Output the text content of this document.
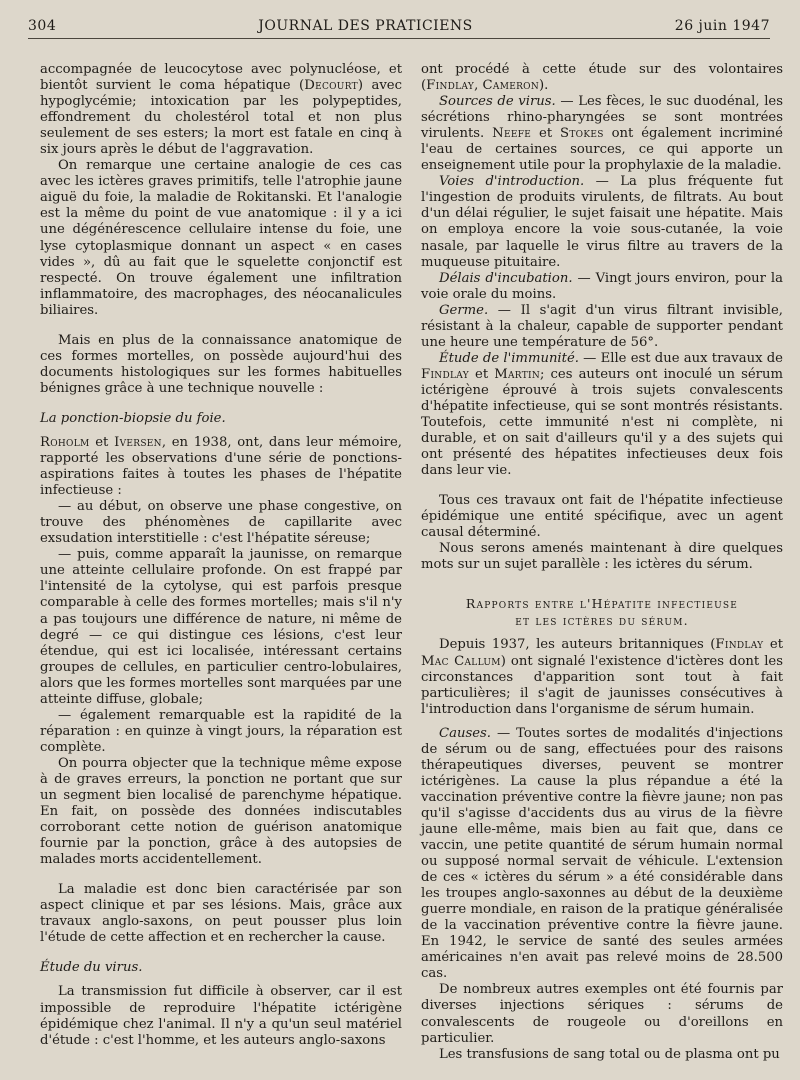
304	JOURNAL DES PRATICIENS	26 juin 1947

accompagnée de leucocytose avec polynucléose, et bientôt survient le coma hépatique (Decourt) avec hypoglycémie; intoxication par les polypeptides, effondrement du cholestérol total et non plus seulement de ses esters; la mort est fatale en cinq à six jours après le début de l'aggravation.

On remarque une certaine analogie de ces cas avec les ictères graves primitifs, telle l'atrophie jaune aiguë du foie, la maladie de Rokitanski. Et l'analogie est la même du point de vue anatomique : il y a ici une dégénérescence cellulaire intense du foie, une lyse cytoplasmique donnant un aspect « en cases vides », dû au fait que le squelette conjonctif est respecté. On trouve également une infiltration inflammatoire, des macrophages, des néocanalicules biliaires.

Mais en plus de la connaissance anatomique de ces formes mortelles, on possède aujourd'hui des documents histologiques sur les formes habituelles bénignes grâce à une technique nouvelle :

La ponction-biopsie du foie.

Roholm et Iversen, en 1938, ont, dans leur mémoire, rapporté les observations d'une série de ponctions-aspirations faites à toutes les phases de l'hépatite infectieuse :

— au début, on observe une phase congestive, on trouve des phénomènes de capillarite avec exsudation interstitielle : c'est l'hépatite séreuse;

— puis, comme apparaît la jaunisse, on remarque une atteinte cellulaire profonde. On est frappé par l'intensité de la cytolyse, qui est parfois presque comparable à celle des formes mortelles; mais s'il n'y a pas toujours une différence de nature, ni même de degré — ce qui distingue ces lésions, c'est leur étendue, qui est ici localisée, intéressant certains groupes de cellules, en particulier centro-lobulaires, alors que les formes mortelles sont marquées par une atteinte diffuse, globale;

— également remarquable est la rapidité de la réparation : en quinze à vingt jours, la réparation est complète.

On pourra objecter que la technique même expose à de graves erreurs, la ponction ne portant que sur un segment bien localisé de parenchyme hépatique. En fait, on possède des données indiscutables corroborant cette notion de guérison anatomique fournie par la ponction, grâce à des autopsies de malades morts accidentellement.

La maladie est donc bien caractérisée par son aspect clinique et par ses lésions. Mais, grâce aux travaux anglo-saxons, on peut pousser plus loin l'étude de cette affection et en rechercher la cause.

Étude du virus.

La transmission fut difficile à observer, car il est impossible de reproduire l'hépatite ictérigène épidémique chez l'animal. Il n'y a qu'un seul matériel d'étude : c'est l'homme, et les auteurs anglo-saxons

ont procédé à cette étude sur des volontaires (Findlay, Cameron).

Sources de virus. — Les fèces, le suc duodénal, les sécrétions rhino-pharyngées se sont montrées virulents. Neefe et Stokes ont également incriminé l'eau de certaines sources, ce qui apporte un enseignement utile pour la prophylaxie de la maladie.

Voies d'introduction. — La plus fréquente fut l'ingestion de produits virulents, de filtrats. Au bout d'un délai régulier, le sujet faisait une hépatite. Mais on employa encore la voie sous-cutanée, la voie nasale, par laquelle le virus filtre au travers de la muqueuse pituitaire.

Délais d'incubation. — Vingt jours environ, pour la voie orale du moins.

Germe. — Il s'agit d'un virus filtrant invisible, résistant à la chaleur, capable de supporter pendant une heure une température de 56°.

Étude de l'immunité. — Elle est due aux travaux de Findlay et Martin; ces auteurs ont inoculé un sérum ictérigène éprouvé à trois sujets convalescents d'hépatite infectieuse, qui se sont montrés résistants. Toutefois, cette immunité n'est ni complète, ni durable, et on sait d'ailleurs qu'il y a des sujets qui ont présenté des hépatites infectieuses deux fois dans leur vie.

Tous ces travaux ont fait de l'hépatite infectieuse épidémique une entité spécifique, avec un agent causal déterminé.

Nous serons amenés maintenant à dire quelques mots sur un sujet parallèle : les ictères du sérum.

Rapports entre l'Hépatite infectieuse

et les ictères du sérum.

Depuis 1937, les auteurs britanniques (Findlay et Mac Callum) ont signalé l'existence d'ictères dont les circonstances d'apparition sont tout à fait particulières; il s'agit de jaunisses consécutives à l'introduction dans l'organisme de sérum humain.

Causes. — Toutes sortes de modalités d'injections de sérum ou de sang, effectuées pour des raisons thérapeutiques diverses, peuvent se montrer ictérigènes. La cause la plus répandue a été la vaccination préventive contre la fièvre jaune; non pas qu'il s'agisse d'accidents dus au virus de la fièvre jaune elle-même, mais bien au fait que, dans ce vaccin, une petite quantité de sérum humain normal ou supposé normal servait de véhicule. L'extension de ces « ictères du sérum » a été considérable dans les troupes anglo-saxonnes au début de la deuxième guerre mondiale, en raison de la pratique généralisée de la vaccination préventive contre la fièvre jaune. En 1942, le service de santé des seules armées américaines n'en avait pas relevé moins de 28.500 cas.

De nombreux autres exemples ont été fournis par diverses injections sériques : sérums de convalescents de rougeole ou d'oreillons en particulier.

Les transfusions de sang total ou de plasma ont pu
